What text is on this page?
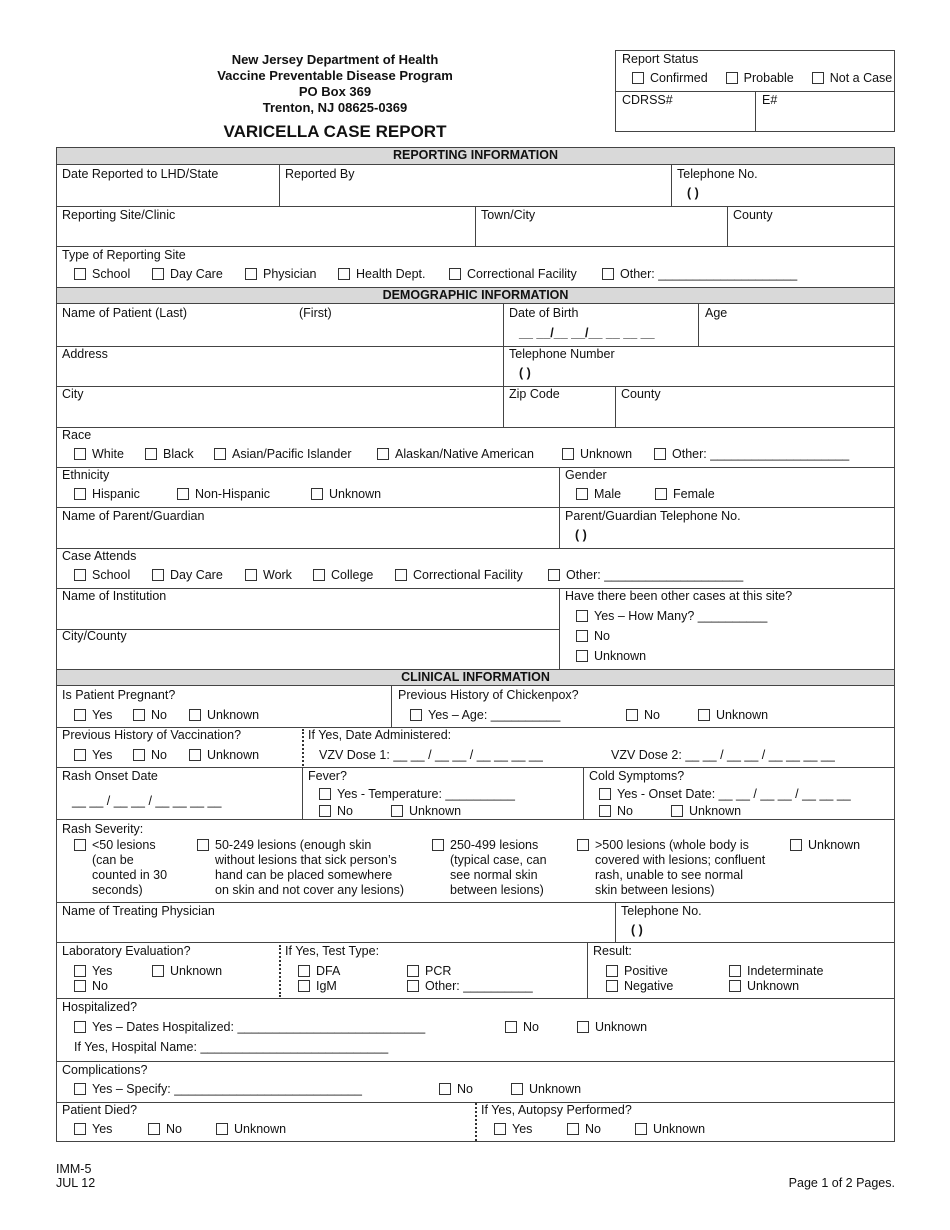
New Jersey Department of Health
Vaccine Preventable Disease Program
PO Box 369
Trenton, NJ 08625-0369
VARICELLA CASE REPORT
Report Status
Confirmed	Probable	Not a Case
CDRSS#	E#
REPORTING INFORMATION
Date Reported to LHD/State	Reported By	Telephone No.
( )
Reporting Site/Clinic	Town/City	County
Type of Reporting Site
School	Day Care	Physician	Health Dept.	Correctional Facility	Other: ____________________
DEMOGRAPHIC INFORMATION
Name of Patient (Last)	(First)	Date of Birth
__ __/__ __/__ __ __ __
Age
Address	Telephone Number
( )
City	Zip Code	County
Race
White	Black	Asian/Pacific Islander	Alaskan/Native American	Unknown	Other: ____________________
Ethnicity
Hispanic	Non-Hispanic	Unknown
Gender
Male	Female
Name of Parent/Guardian	Parent/Guardian Telephone No.
( )
Case Attends
School	Day Care	Work	College	Correctional Facility	Other: ____________________
Name of Institution
City/County
Have there been other cases at this site?
Yes – How Many? __________
No
Unknown
CLINICAL INFORMATION
Is Patient Pregnant?
Yes	No	Unknown
Previous History of Chickenpox?
Yes – Age: __________	No	Unknown
Previous History of Vaccination?
Yes	No	Unknown
If Yes, Date Administered:
VZV Dose 1: __ __ / __ __ / __ __ __ __	VZV Dose 2: __ __ / __ __ / __ __ __ __
Rash Onset Date
__ __ / __ __ / __ __ __ __
Fever?
Yes - Temperature: __________
No	Unknown
Cold Symptoms?
Yes - Onset Date: __ __ / __ __ / __ __ __
No	Unknown
Rash Severity:
<50 lesions
(can be
counted in 30
seconds)
50-249 lesions (enough skin
without lesions that sick person’s
hand can be placed somewhere
on skin and not cover any lesions)
250-499 lesions
(typical case, can
see normal skin
between lesions)
>500 lesions (whole body is
covered with lesions; confluent
rash, unable to see normal
skin between lesions)
Unknown
Name of Treating Physician	Telephone No.
( )
Laboratory Evaluation?
Yes	Unknown
No
If Yes, Test Type:
DFA	PCR
IgM	Other: __________
Result:
Positive	Indeterminate
Negative	Unknown
Hospitalized?
Yes – Dates Hospitalized: ___________________________	No	Unknown
If Yes, Hospital Name: ___________________________
Complications?
Yes – Specify: ___________________________	No	Unknown
Patient Died?
Yes	No	Unknown
If Yes, Autopsy Performed?
Yes	No	Unknown
IMM-5
JUL 12	Page 1 of 2 Pages.
